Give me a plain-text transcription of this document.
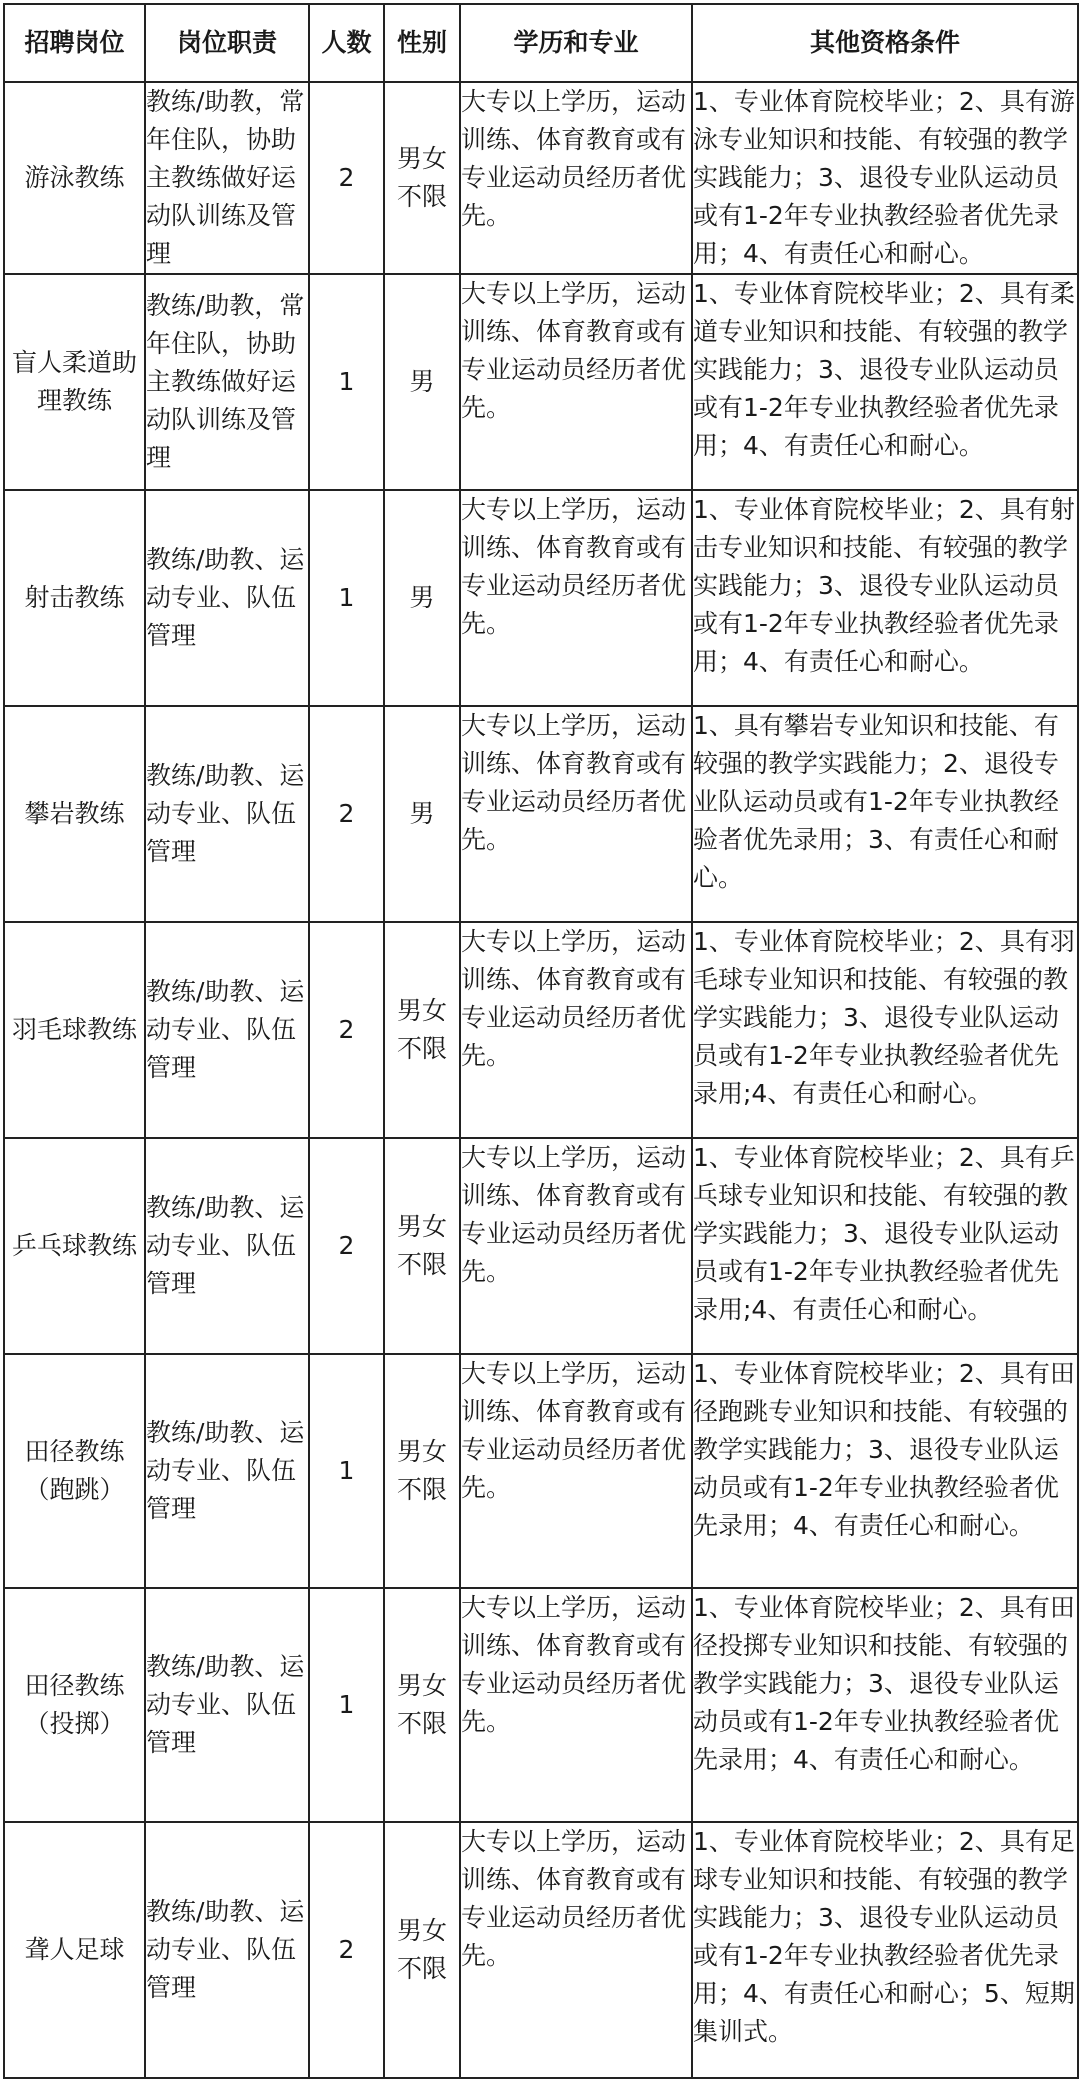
招聘岗位	岗位职责	人数	性别	学历和专业	其他资格条件

游泳教练	教练/助教，常年住队，协助主教练做好运动队训练及管理	2	男女不限	大专以上学历，运动训练、体育教育或有专业运动员经历者优先。	1、专业体育院校毕业；2、具有游泳专业知识和技能、有较强的教学实践能力；3、退役专业队运动员或有1-2年专业执教经验者优先录用；4、有责任心和耐心。

盲人柔道助理教练	教练/助教，常年住队，协助主教练做好运动队训练及管理	1	男	大专以上学历，运动训练、体育教育或有专业运动员经历者优先。	1、专业体育院校毕业；2、具有柔道专业知识和技能、有较强的教学实践能力；3、退役专业队运动员或有1-2年专业执教经验者优先录用；4、有责任心和耐心。

射击教练	教练/助教、运动专业、队伍管理	1	男	大专以上学历，运动训练、体育教育或有专业运动员经历者优先。	1、专业体育院校毕业；2、具有射击专业知识和技能、有较强的教学实践能力；3、退役专业队运动员或有1-2年专业执教经验者优先录用；4、有责任心和耐心。

攀岩教练	教练/助教、运动专业、队伍管理	2	男	大专以上学历，运动训练、体育教育或有专业运动员经历者优先。	1、具有攀岩专业知识和技能、有较强的教学实践能力；2、退役专业队运动员或有1-2年专业执教经验者优先录用；3、有责任心和耐心。

羽毛球教练	教练/助教、运动专业、队伍管理	2	男女不限	大专以上学历，运动训练、体育教育或有专业运动员经历者优先。	1、专业体育院校毕业；2、具有羽毛球专业知识和技能、有较强的教学实践能力；3、退役专业队运动员或有1-2年专业执教经验者优先录用;4、有责任心和耐心。

乒乓球教练	教练/助教、运动专业、队伍管理	2	男女不限	大专以上学历，运动训练、体育教育或有专业运动员经历者优先。	1、专业体育院校毕业；2、具有乒乓球专业知识和技能、有较强的教学实践能力；3、退役专业队运动员或有1-2年专业执教经验者优先录用;4、有责任心和耐心。

田径教练（跑跳）	教练/助教、运动专业、队伍管理	1	男女不限	大专以上学历，运动训练、体育教育或有专业运动员经历者优先。	1、专业体育院校毕业；2、具有田径跑跳专业知识和技能、有较强的教学实践能力；3、退役专业队运动员或有1-2年专业执教经验者优先录用；4、有责任心和耐心。

田径教练（投掷）	教练/助教、运动专业、队伍管理	1	男女不限	大专以上学历，运动训练、体育教育或有专业运动员经历者优先。	1、专业体育院校毕业；2、具有田径投掷专业知识和技能、有较强的教学实践能力；3、退役专业队运动员或有1-2年专业执教经验者优先录用；4、有责任心和耐心。

聋人足球	教练/助教、运动专业、队伍管理	2	男女不限	大专以上学历，运动训练、体育教育或有专业运动员经历者优先。	1、专业体育院校毕业；2、具有足球专业知识和技能、有较强的教学实践能力；3、退役专业队运动员或有1-2年专业执教经验者优先录用；4、有责任心和耐心；5、短期集训式。
